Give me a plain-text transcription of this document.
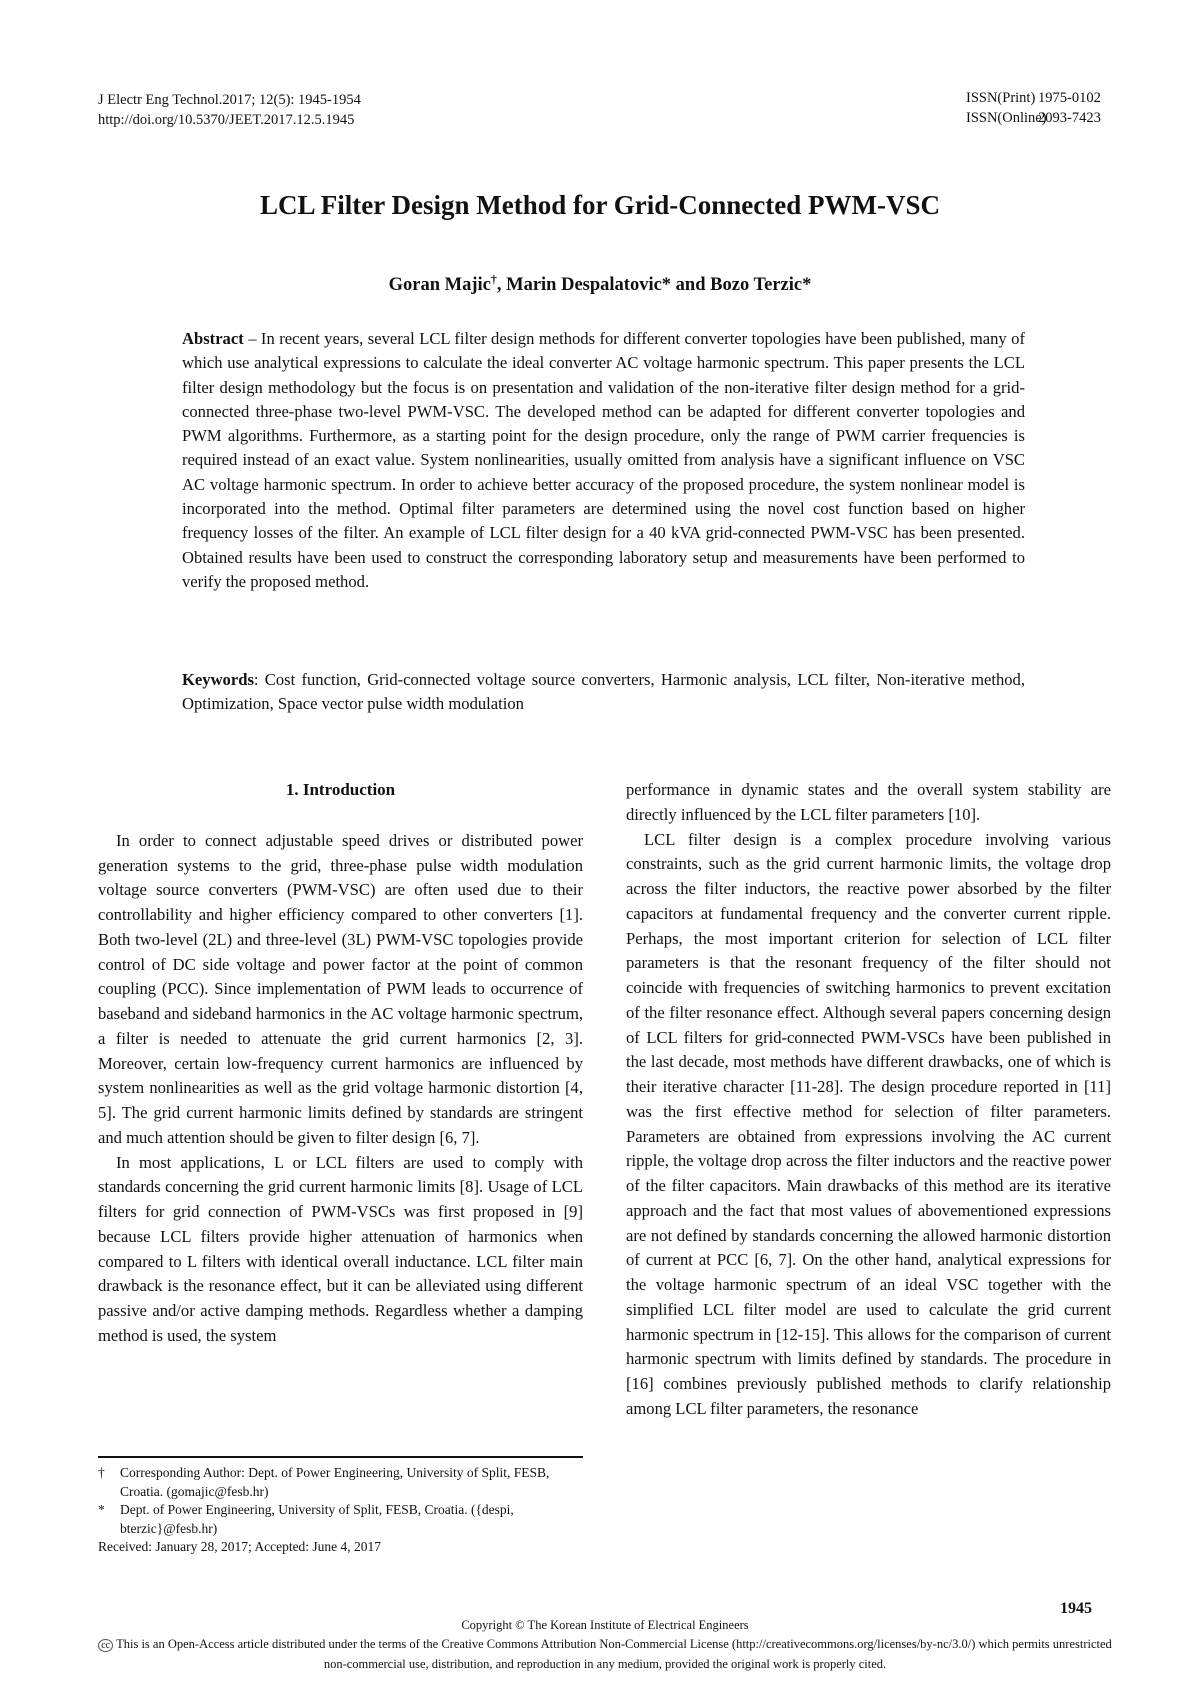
J Electr Eng Technol.2017; 12(5): 1945-1954
http://doi.org/10.5370/JEET.2017.12.5.1945
ISSN(Print) 1975-0102
ISSN(Online)2093-7423
LCL Filter Design Method for Grid-Connected PWM-VSC
Goran Majic†, Marin Despalatovic* and Bozo Terzic*
Abstract – In recent years, several LCL filter design methods for different converter topologies have been published, many of which use analytical expressions to calculate the ideal converter AC voltage harmonic spectrum. This paper presents the LCL filter design methodology but the focus is on presentation and validation of the non-iterative filter design method for a grid-connected three-phase two-level PWM-VSC. The developed method can be adapted for different converter topologies and PWM algorithms. Furthermore, as a starting point for the design procedure, only the range of PWM carrier frequencies is required instead of an exact value. System nonlinearities, usually omitted from analysis have a significant influence on VSC AC voltage harmonic spectrum. In order to achieve better accuracy of the proposed procedure, the system nonlinear model is incorporated into the method. Optimal filter parameters are determined using the novel cost function based on higher frequency losses of the filter. An example of LCL filter design for a 40 kVA grid-connected PWM-VSC has been presented. Obtained results have been used to construct the corresponding laboratory setup and measurements have been performed to verify the proposed method.
Keywords: Cost function, Grid-connected voltage source converters, Harmonic analysis, LCL filter, Non-iterative method, Optimization, Space vector pulse width modulation
1. Introduction

In order to connect adjustable speed drives or distributed power generation systems to the grid, three-phase pulse width modulation voltage source converters (PWM-VSC) are often used due to their controllability and higher efficiency compared to other converters [1]. Both two-level (2L) and three-level (3L) PWM-VSC topologies provide control of DC side voltage and power factor at the point of common coupling (PCC). Since implementation of PWM leads to occurrence of baseband and sideband harmonics in the AC voltage harmonic spectrum, a filter is needed to attenuate the grid current harmonics [2, 3]. Moreover, certain low-frequency current harmonics are influenced by system nonlinearities as well as the grid voltage harmonic distortion [4, 5]. The grid current harmonic limits defined by standards are stringent and much attention should be given to filter design [6, 7].

In most applications, L or LCL filters are used to comply with standards concerning the grid current harmonic limits [8]. Usage of LCL filters for grid connection of PWM-VSCs was first proposed in [9] because LCL filters provide higher attenuation of harmonics when compared to L filters with identical overall inductance. LCL filter main drawback is the resonance effect, but it can be alleviated using different passive and/or active damping methods. Regardless whether a damping method is used, the system

performance in dynamic states and the overall system stability are directly influenced by the LCL filter parameters [10].

LCL filter design is a complex procedure involving various constraints, such as the grid current harmonic limits, the voltage drop across the filter inductors, the reactive power absorbed by the filter capacitors at fundamental frequency and the converter current ripple. Perhaps, the most important criterion for selection of LCL filter parameters is that the resonant frequency of the filter should not coincide with frequencies of switching harmonics to prevent excitation of the filter resonance effect. Although several papers concerning design of LCL filters for grid-connected PWM-VSCs have been published in the last decade, most methods have different drawbacks, one of which is their iterative character [11-28]. The design procedure reported in [11] was the first effective method for selection of filter parameters. Parameters are obtained from expressions involving the AC current ripple, the voltage drop across the filter inductors and the reactive power of the filter capacitors. Main drawbacks of this method are its iterative approach and the fact that most values of abovementioned expressions are not defined by standards concerning the allowed harmonic distortion of current at PCC [6, 7]. On the other hand, analytical expressions for the voltage harmonic spectrum of an ideal VSC together with the simplified LCL filter model are used to calculate the grid current harmonic spectrum in [12-15]. This allows for the comparison of current harmonic spectrum with limits defined by standards. The procedure in [16] combines previously published methods to clarify relationship among LCL filter parameters, the resonance

†	Corresponding Author: Dept. of Power Engineering, University of Split, FESB, Croatia. (gomajic@fesb.hr)
*	Dept. of Power Engineering, University of Split, FESB, Croatia. ({despi, bterzic}@fesb.hr)
Received: January 28, 2017; Accepted: June 4, 2017
1945
Copyright © The Korean Institute of Electrical Engineers
cc This is an Open-Access article distributed under the terms of the Creative Commons Attribution Non-Commercial License (http://creativecommons.org/licenses/by-nc/3.0/) which permits unrestricted non-commercial use, distribution, and reproduction in any medium, provided the original work is properly cited.
